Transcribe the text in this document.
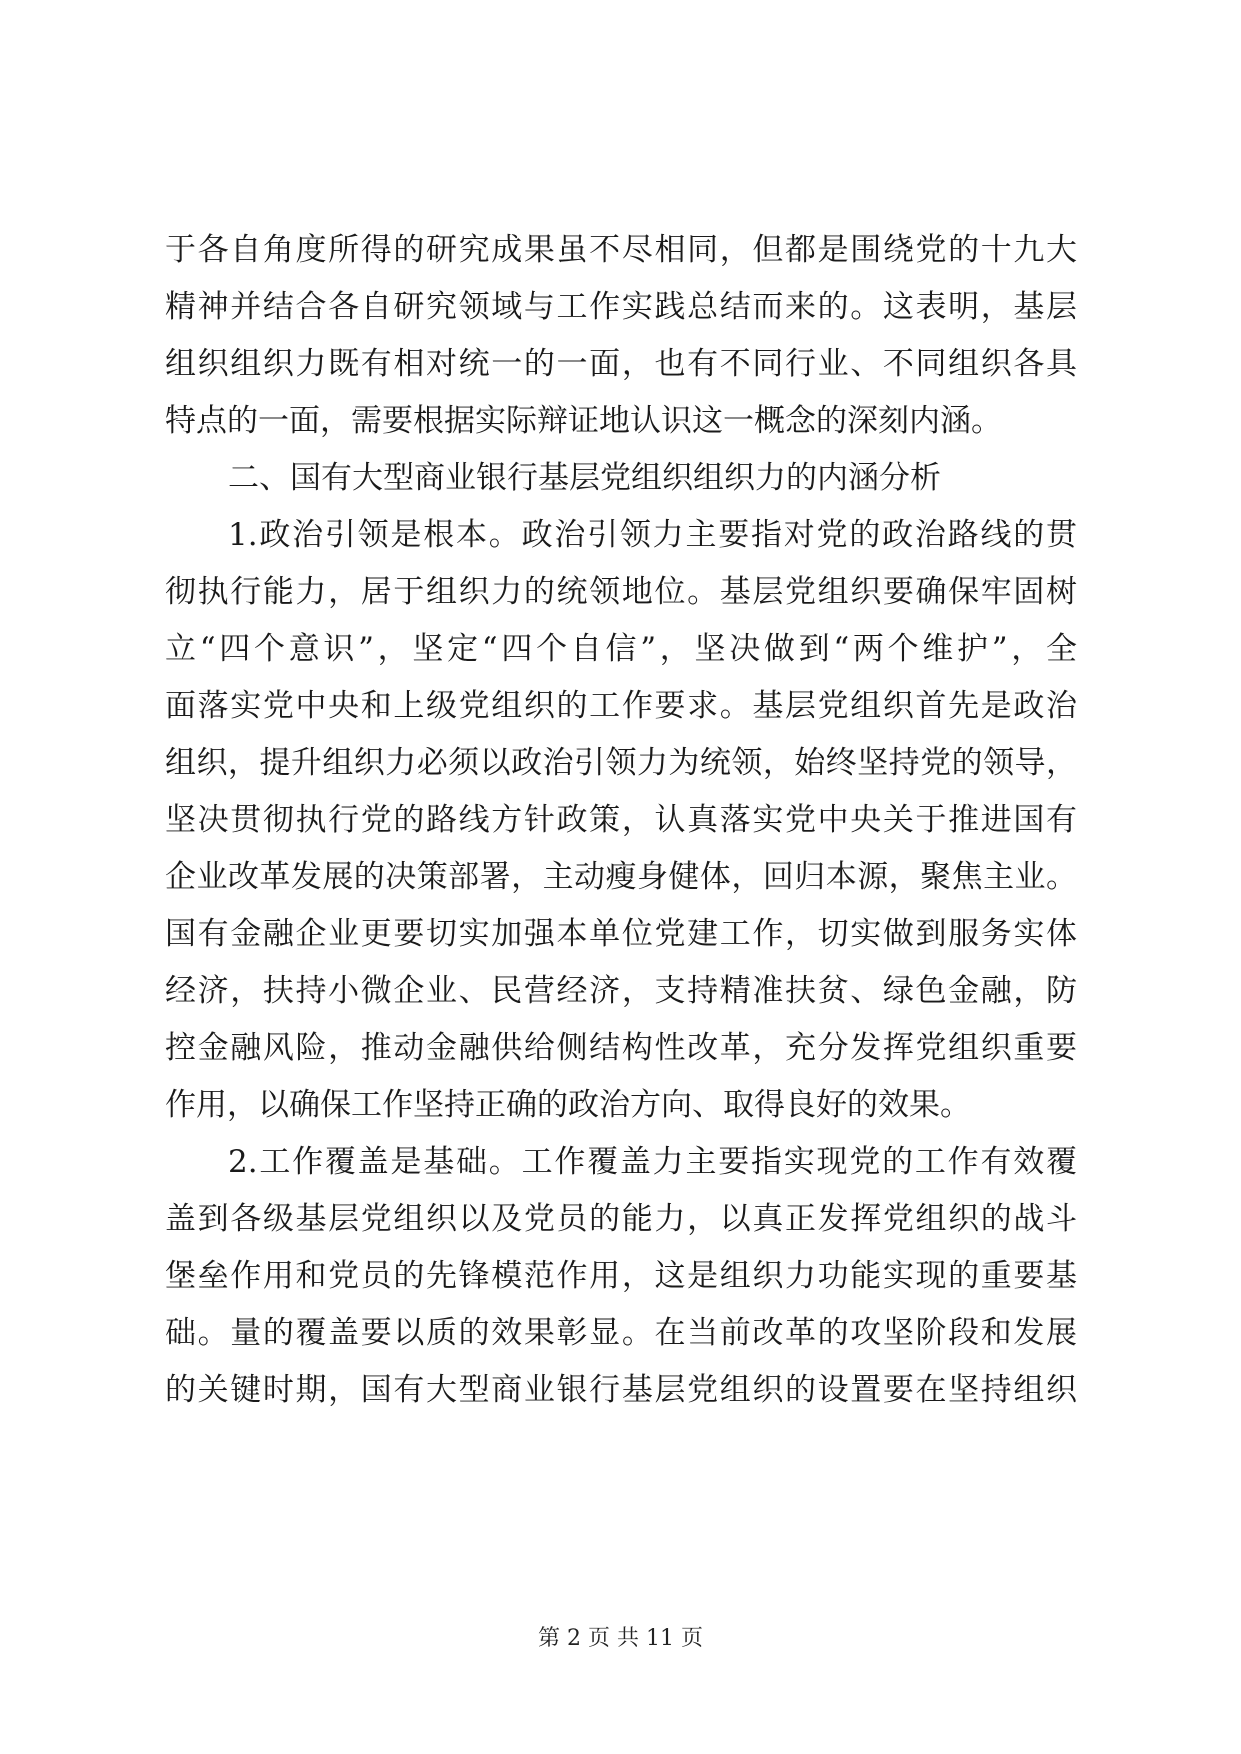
于各自角度所得的研究成果虽不尽相同，但都是围绕党的十九大
精神并结合各自研究领域与工作实践总结而来的。这表明，基层
组织组织力既有相对统一的一面，也有不同行业、不同组织各具
特点的一面，需要根据实际辩证地认识这一概念的深刻内涵。
二、国有大型商业银行基层党组织组织力的内涵分析
1.政治引领是根本。政治引领力主要指对党的政治路线的贯
彻执行能力，居于组织力的统领地位。基层党组织要确保牢固树
立“四个意识”，坚定“四个自信”，坚决做到“两个维护”，全
面落实党中央和上级党组织的工作要求。基层党组织首先是政治
组织，提升组织力必须以政治引领力为统领，始终坚持党的领导，
坚决贯彻执行党的路线方针政策，认真落实党中央关于推进国有
企业改革发展的决策部署，主动瘦身健体，回归本源，聚焦主业。
国有金融企业更要切实加强本单位党建工作，切实做到服务实体
经济，扶持小微企业、民营经济，支持精准扶贫、绿色金融，防
控金融风险，推动金融供给侧结构性改革，充分发挥党组织重要
作用，以确保工作坚持正确的政治方向、取得良好的效果。
2.工作覆盖是基础。工作覆盖力主要指实现党的工作有效覆
盖到各级基层党组织以及党员的能力，以真正发挥党组织的战斗
堡垒作用和党员的先锋模范作用，这是组织力功能实现的重要基
础。量的覆盖要以质的效果彰显。在当前改革的攻坚阶段和发展
的关键时期，国有大型商业银行基层党组织的设置要在坚持组织
第 2 页 共 11 页
